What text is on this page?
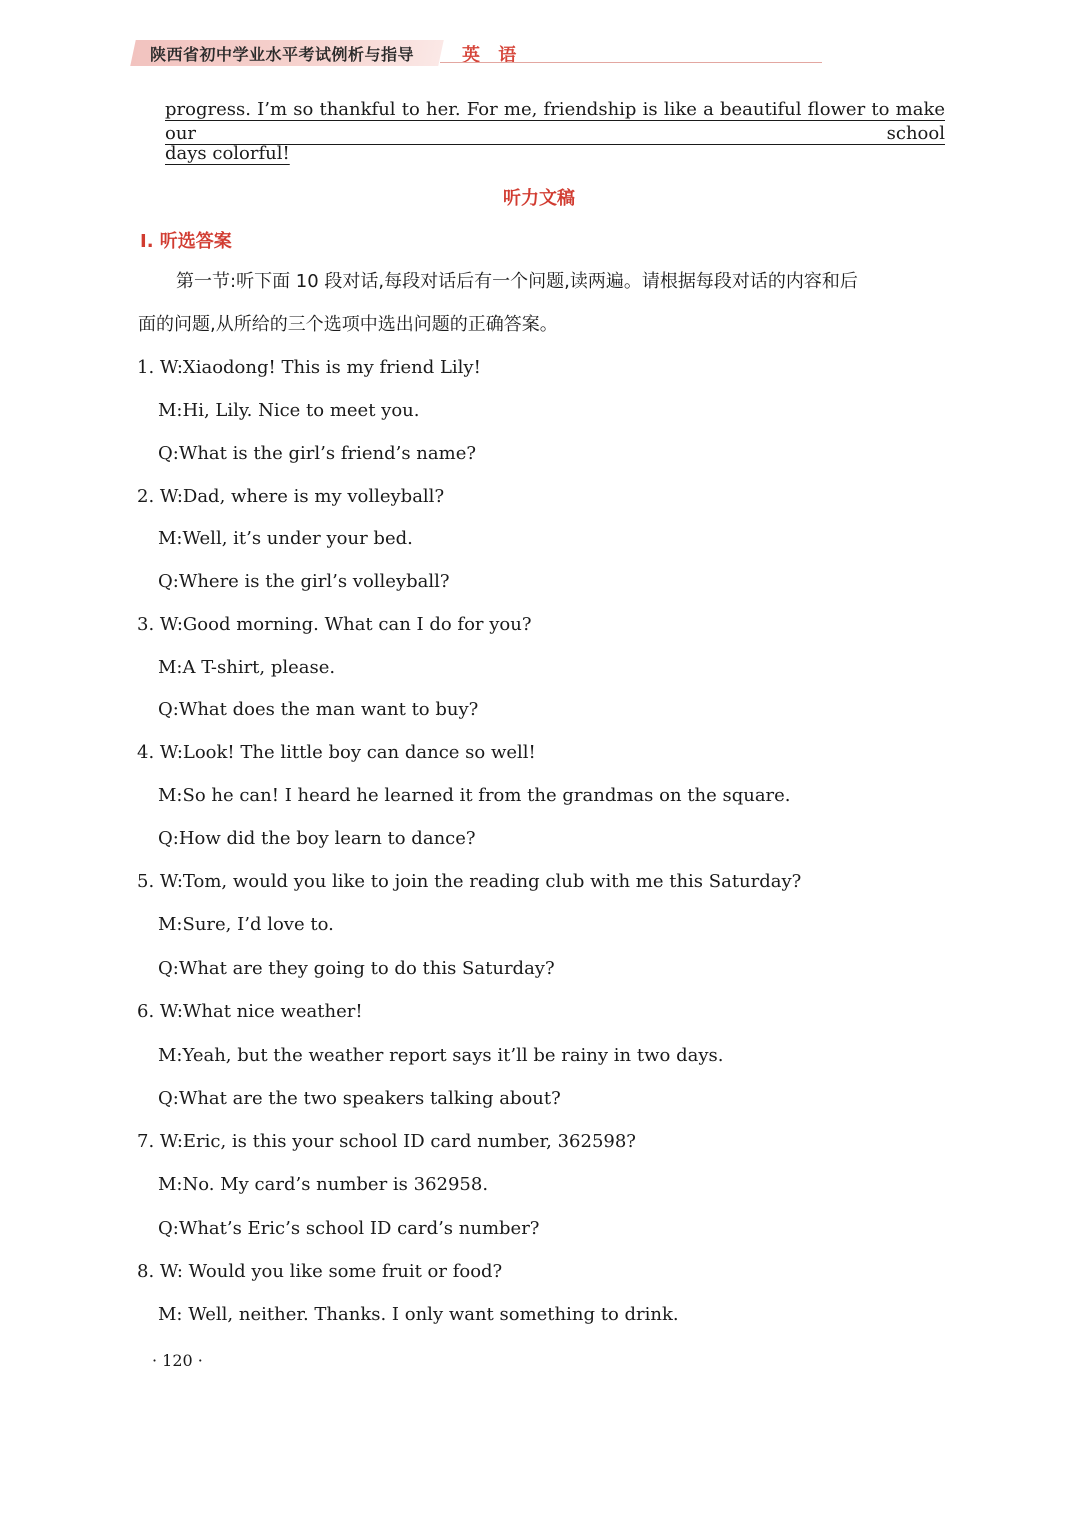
陕西省初中学业水平考试例析与指导	英 语
progress. I’m so thankful to her. For me, friendship is like a beautiful flower to make our school
days colorful!
听力文稿
Ⅰ. 听选答案
第一节:听下面 10 段对话,每段对话后有一个问题,读两遍。请根据每段对话的内容和后
面的问题,从所给的三个选项中选出问题的正确答案。
1. W:Xiaodong! This is my friend Lily!
M:Hi, Lily. Nice to meet you.
Q:What is the girl’s friend’s name?
2. W:Dad, where is my volleyball?
M:Well, it’s under your bed.
Q:Where is the girl’s volleyball?
3. W:Good morning. What can I do for you?
M:A T-shirt, please.
Q:What does the man want to buy?
4. W:Look! The little boy can dance so well!
M:So he can! I heard he learned it from the grandmas on the square.
Q:How did the boy learn to dance?
5. W:Tom, would you like to join the reading club with me this Saturday?
M:Sure, I’d love to.
Q:What are they going to do this Saturday?
6. W:What nice weather!
M:Yeah, but the weather report says it’ll be rainy in two days.
Q:What are the two speakers talking about?
7. W:Eric, is this your school ID card number, 362598?
M:No. My card’s number is 362958.
Q:What’s Eric’s school ID card’s number?
8. W: Would you like some fruit or food?
M: Well, neither. Thanks. I only want something to drink.
· 120 ·
